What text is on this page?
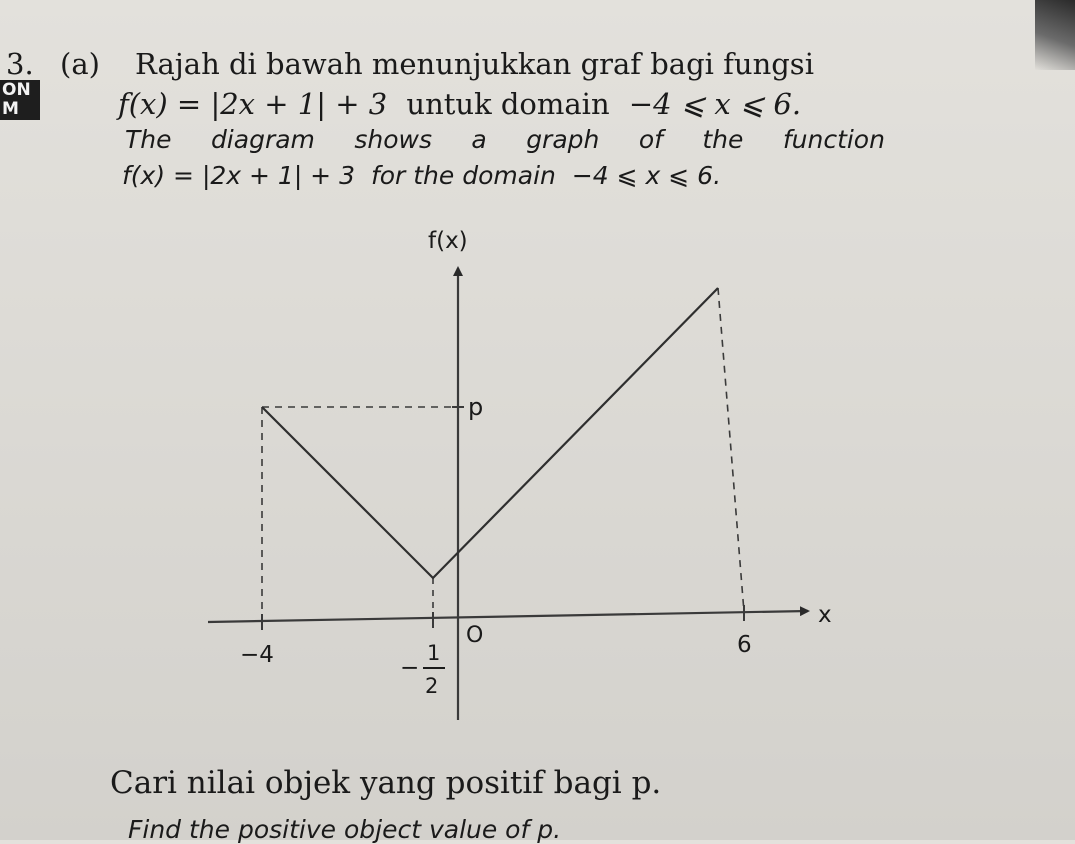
ON
M
3. (a) Rajah di bawah menunjukkan graf bagi fungsi
f(x) = |2x + 1| + 3 untuk domain −4 ⩽ x ⩽ 6.
The diagram shows a graph of the function
f(x) = |2x + 1| + 3 for the domain −4 ⩽ x ⩽ 6.
f(x)
x
p
O
−4	6
−
1
2
Cari nilai objek yang positif bagi p.
Find the positive object value of p.
